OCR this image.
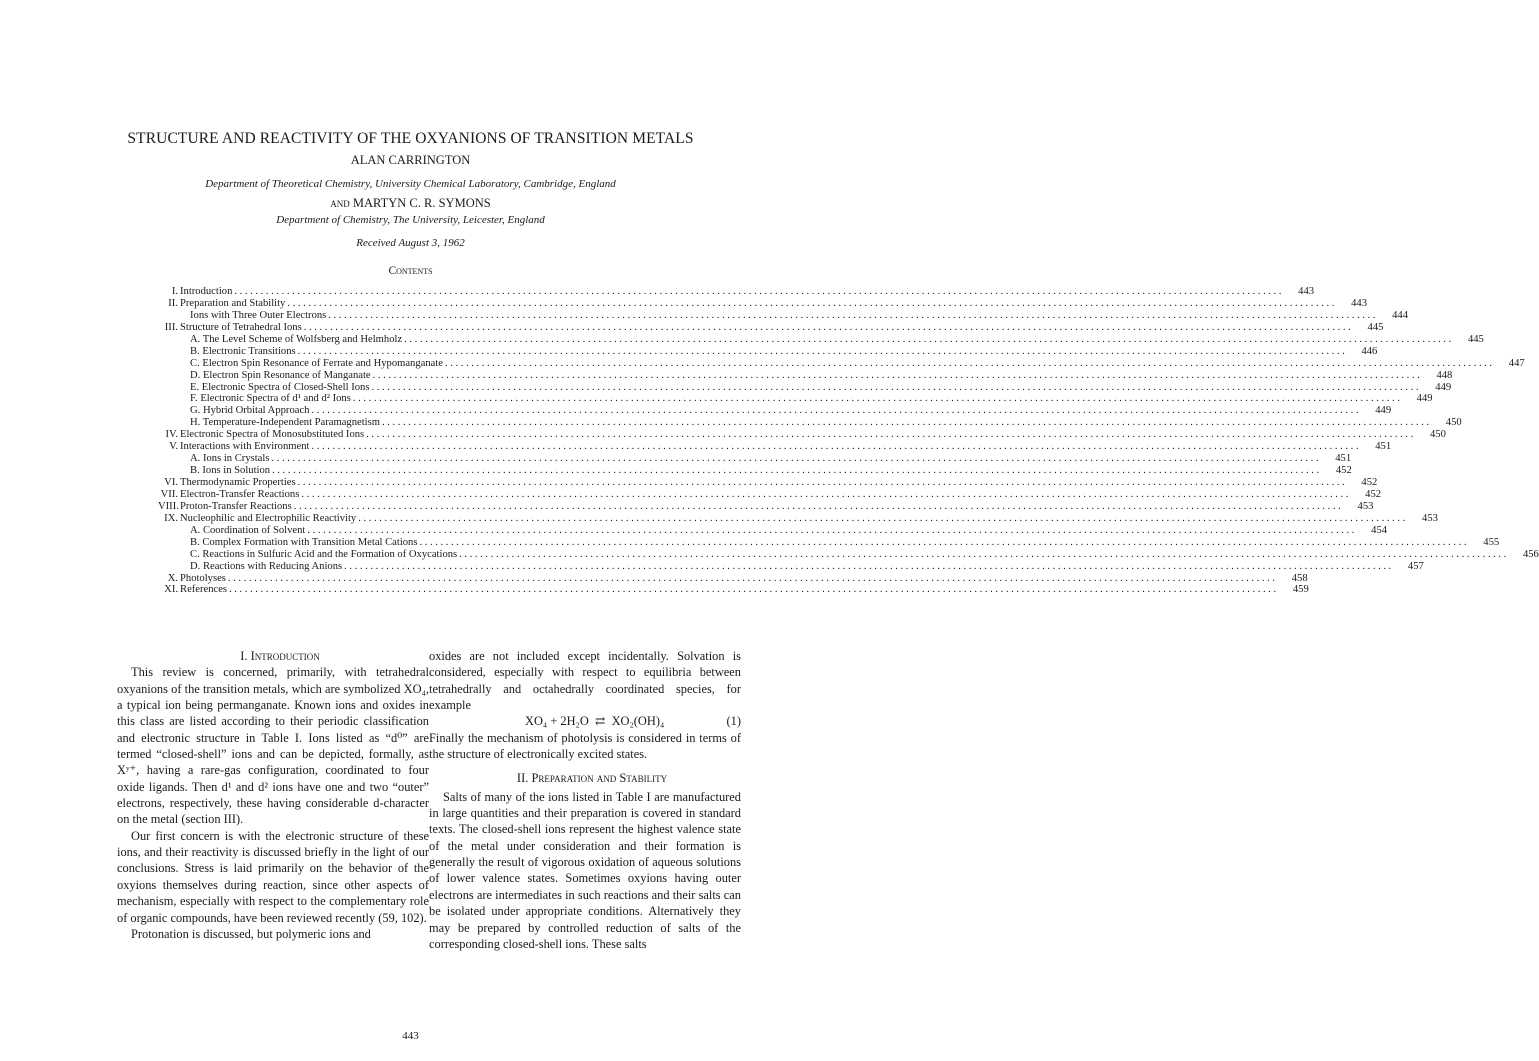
STRUCTURE AND REACTIVITY OF THE OXYANIONS OF TRANSITION METALS
ALAN CARRINGTON
Department of Theoretical Chemistry, University Chemical Laboratory, Cambridge, England
and MARTYN C. R. SYMONS
Department of Chemistry, The University, Leicester, England
Received August 3, 1962
Contents
I. Introduction ........................................................................................................................................................................................................	443
II. Preparation and Stability ........................................................................................................................................................................................................	443
Ions with Three Outer Electrons ........................................................................................................................................................................................................	444
III. Structure of Tetrahedral Ions ........................................................................................................................................................................................................	445
A. The Level Scheme of Wolfsberg and Helmholz ........................................................................................................................................................................................................	445
B. Electronic Transitions ........................................................................................................................................................................................................	446
C. Electron Spin Resonance of Ferrate and Hypomanganate ........................................................................................................................................................................................................	447
D. Electron Spin Resonance of Manganate ........................................................................................................................................................................................................	448
E. Electronic Spectra of Closed-Shell Ions ........................................................................................................................................................................................................	449
F. Electronic Spectra of d¹ and d² Ions ........................................................................................................................................................................................................	449
G. Hybrid Orbital Approach ........................................................................................................................................................................................................	449
H. Temperature-Independent Paramagnetism ........................................................................................................................................................................................................	450
IV. Electronic Spectra of Monosubstituted Ions ........................................................................................................................................................................................................	450
V. Interactions with Environment ........................................................................................................................................................................................................	451
A. Ions in Crystals ........................................................................................................................................................................................................	451
B. Ions in Solution ........................................................................................................................................................................................................	452
VI. Thermodynamic Properties ........................................................................................................................................................................................................	452
VII. Electron-Transfer Reactions ........................................................................................................................................................................................................	452
VIII. Proton-Transfer Reactions ........................................................................................................................................................................................................	453
IX. Nucleophilic and Electrophilic Reactivity ........................................................................................................................................................................................................	453
A. Coordination of Solvent ........................................................................................................................................................................................................	454
B. Complex Formation with Transition Metal Cations ........................................................................................................................................................................................................	455
C. Reactions in Sulfuric Acid and the Formation of Oxycations ........................................................................................................................................................................................................	456
D. Reactions with Reducing Anions ........................................................................................................................................................................................................	457
X. Photolyses ........................................................................................................................................................................................................	458
XI. References ........................................................................................................................................................................................................	459

I. Introduction

This review is concerned, primarily, with tetrahedral oxyanions of the transition metals, which are symbolized XO₄, a typical ion being permanganate. Known ions and oxides in this class are listed according to their periodic classification and electronic structure in Table I. Ions listed as “d⁰” are termed “closed-shell” ions and can be depicted, formally, as Xʸ⁺, having a rare-gas configuration, coordinated to four oxide ligands. Then d¹ and d² ions have one and two “outer” electrons, respectively, these having considerable d-character on the metal (section III).

Our first concern is with the electronic structure of these ions, and their reactivity is discussed briefly in the light of our conclusions. Stress is laid primarily on the behavior of the oxyions themselves during reaction, since other aspects of mechanism, especially with respect to the complementary role of organic compounds, have been reviewed recently (59, 102).

Protonation is discussed, but polymeric ions and

oxides are not included except incidentally. Solvation is considered, especially with respect to equilibria between tetrahedrally and octahedrally coordinated species, for example

XO₄ + 2H₂O  ⇄  XO₂(OH)₄	(1)

Finally the mechanism of photolysis is considered in terms of the structure of electronically excited states.

II. Preparation and Stability

Salts of many of the ions listed in Table I are manufactured in large quantities and their preparation is covered in standard texts. The closed-shell ions represent the highest valence state of the metal under consideration and their formation is generally the result of vigorous oxidation of aqueous solutions of lower valence states. Sometimes oxyions having outer electrons are intermediates in such reactions and their salts can be isolated under appropriate conditions. Alternatively they may be prepared by controlled reduction of salts of the corresponding closed-shell ions. These salts

443
